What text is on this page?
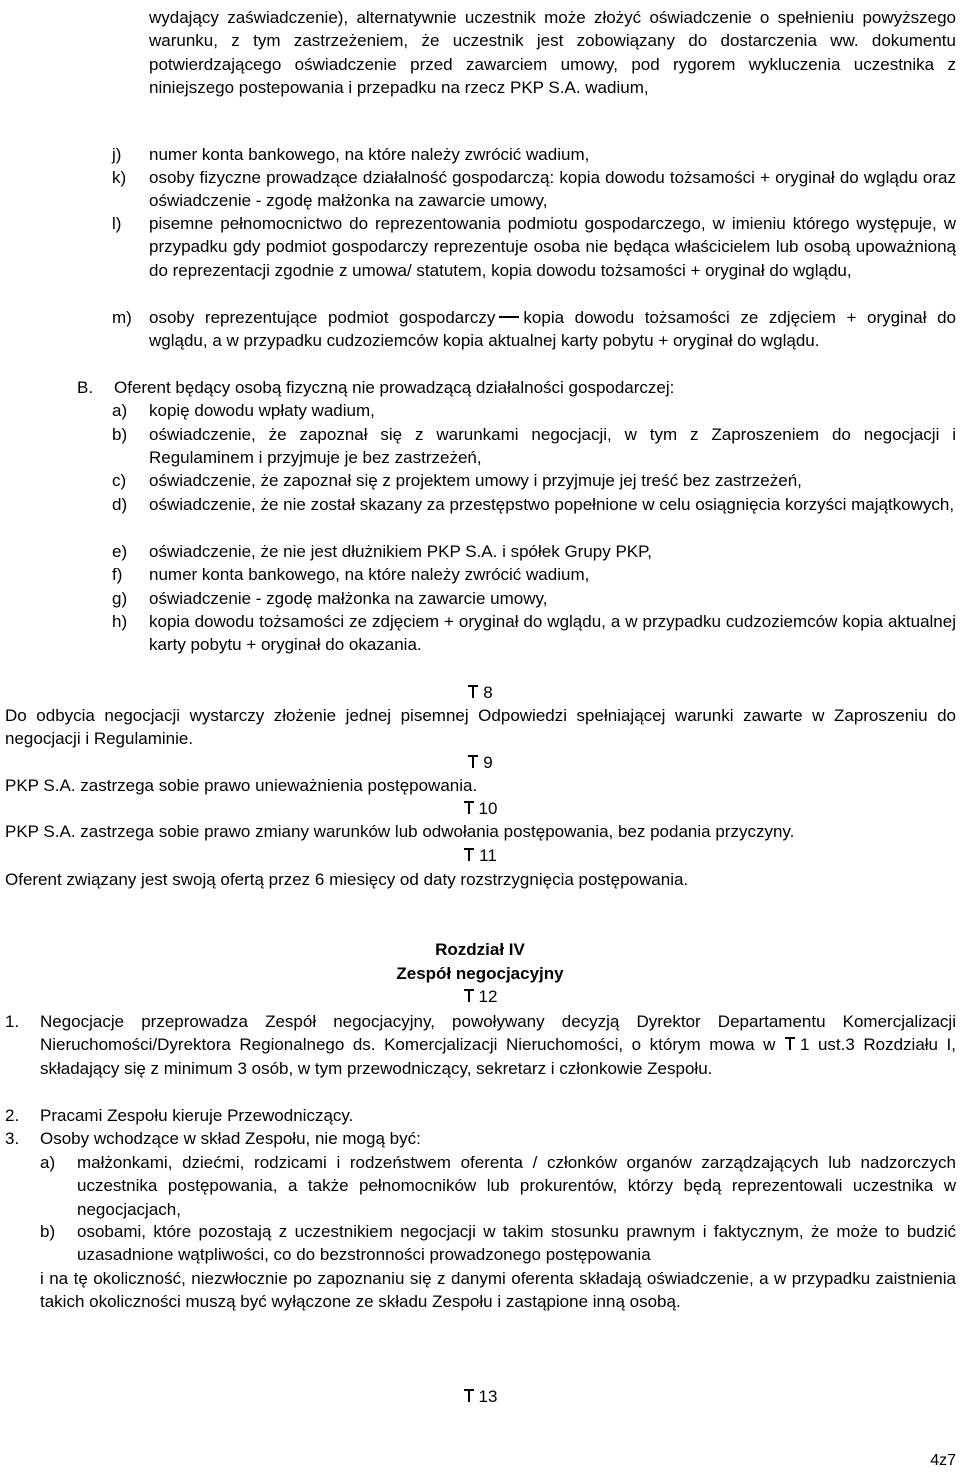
wydający zaświadczenie), alternatywnie uczestnik może złożyć oświadczenie o spełnieniu powyższego warunku, z tym zastrzeżeniem, że uczestnik jest zobowiązany do dostarczenia ww. dokumentu potwierdzającego oświadczenie przed zawarciem umowy, pod rygorem wykluczenia uczestnika z niniejszego postepowania i przepadku na rzecz PKP S.A. wadium,
j) numer konta bankowego, na które należy zwrócić wadium,
k) osoby fizyczne prowadzące działalność gospodarczą: kopia dowodu tożsamości + oryginał do wglądu oraz oświadczenie - zgodę małżonka na zawarcie umowy,
l) pisemne pełnomocnictwo do reprezentowania podmiotu gospodarczego, w imieniu którego występuje, w przypadku gdy podmiot gospodarczy reprezentuje osoba nie będąca właścicielem lub osobą upoważnioną do reprezentacji zgodnie z umowa/ statutem, kopia dowodu tożsamości + oryginał do wglądu,
m) osoby reprezentujące podmiot gospodarczy kopia dowodu tożsamości ze zdjęciem + oryginał do wglądu, a w przypadku cudzoziemców kopia aktualnej karty pobytu + oryginał do wglądu.
B. Oferent będący osobą fizyczną nie prowadzącą działalności gospodarczej:
a) kopię dowodu wpłaty wadium,
b) oświadczenie, że zapoznał się z warunkami negocjacji, w tym z Zaproszeniem do negocjacji i Regulaminem i przyjmuje je bez zastrzeżeń,
c) oświadczenie, że zapoznał się z projektem umowy i przyjmuje jej treść bez zastrzeżeń,
d) oświadczenie, że nie został skazany za przestępstwo popełnione w celu osiągnięcia korzyści majątkowych,
e) oświadczenie, że nie jest dłużnikiem PKP S.A. i spółek Grupy PKP,
f) numer konta bankowego, na które należy zwrócić wadium,
g) oświadczenie - zgodę małżonka na zawarcie umowy,
h) kopia dowodu tożsamości ze zdjęciem + oryginał do wglądu, a w przypadku cudzoziemców kopia aktualnej karty pobytu + oryginał do okazania.
8
Do odbycia negocjacji wystarczy złożenie jednej pisemnej Odpowiedzi spełniającej warunki zawarte w Zaproszeniu do negocjacji i Regulaminie.
9
PKP S.A. zastrzega sobie prawo unieważnienia postępowania.
10
PKP S.A. zastrzega sobie prawo zmiany warunków lub odwołania postępowania, bez podania przyczyny.
11
Oferent związany jest swoją ofertą przez 6 miesięcy od daty rozstrzygnięcia postępowania.
Rozdział IV
Zespół negocjacyjny
12
1. Negocjacje przeprowadza Zespół negocjacyjny, powoływany decyzją Dyrektor Departamentu Komercjalizacji Nieruchomości/Dyrektora Regionalnego ds. Komercjalizacji Nieruchomości, o którym mowa w 1 ust.3 Rozdziału I, składający się z minimum 3 osób, w tym przewodniczący, sekretarz i członkowie Zespołu.
2. Pracami Zespołu kieruje Przewodniczący.
3. Osoby wchodzące w skład Zespołu, nie mogą być:
a) małżonkami, dziećmi, rodzicami i rodzeństwem oferenta / członków organów zarządzających lub nadzorczych uczestnika postępowania, a także pełnomocników lub prokurentów, którzy będą reprezentowali uczestnika w negocjacjach,
b) osobami, które pozostają z uczestnikiem negocjacji w takim stosunku prawnym i faktycznym, że może to budzić uzasadnione wątpliwości, co do bezstronności prowadzonego postępowania
i na tę okoliczność, niezwłocznie po zapoznaniu się z danymi oferenta składają oświadczenie, a w przypadku zaistnienia takich okoliczności muszą być wyłączone ze składu Zespołu i zastąpione inną osobą.
13
4z7
